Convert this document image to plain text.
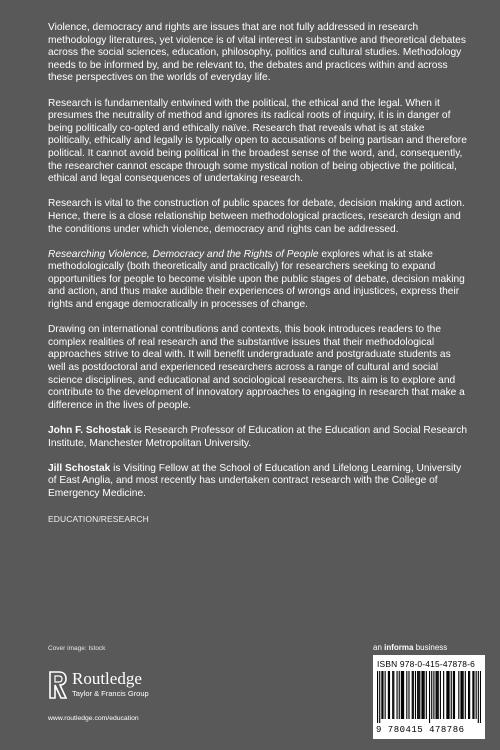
Violence, democracy and rights are issues that are not fully addressed in research methodology literatures, yet violence is of vital interest in substantive and theoretical debates across the social sciences, education, philosophy, politics and cultural studies. Methodology needs to be informed by, and be relevant to, the debates and practices within and across these perspectives on the worlds of everyday life.

Research is fundamentally entwined with the political, the ethical and the legal. When it presumes the neutrality of method and ignores its radical roots of inquiry, it is in danger of being politically co-opted and ethically naïve. Research that reveals what is at stake politically, ethically and legally is typically open to accusations of being partisan and therefore political. It cannot avoid being political in the broadest sense of the word, and, consequently, the researcher cannot escape through some mystical notion of being objective the political, ethical and legal consequences of undertaking research.

Research is vital to the construction of public spaces for debate, decision making and action. Hence, there is a close relationship between methodological practices, research design and the conditions under which violence, democracy and rights can be addressed.

Researching Violence, Democracy and the Rights of People explores what is at stake methodologically (both theoretically and practically) for researchers seeking to expand opportunities for people to become visible upon the public stages of debate, decision making and action, and thus make audible their experiences of wrongs and injustices, express their rights and engage democratically in processes of change.

Drawing on international contributions and contexts, this book introduces readers to the complex realities of real research and the substantive issues that their methodological approaches strive to deal with. It will benefit undergraduate and postgraduate students as well as postdoctoral and experienced researchers across a range of cultural and social science disciplines, and educational and sociological researchers. Its aim is to explore and contribute to the development of innovatory approaches to engaging in research that make a difference in the lives of people.

John F. Schostak is Research Professor of Education at the Education and Social Research Institute, Manchester Metropolitan University.

Jill Schostak is Visiting Fellow at the School of Education and Lifelong Learning, University of East Anglia, and most recently has undertaken contract research with the College of Emergency Medicine.

EDUCATION/RESEARCH

Cover image: Istock
Routledge
Taylor & Francis Group
www.routledge.com/education
an informa business
ISBN 978-0-415-47878-6
9 780415 478786
